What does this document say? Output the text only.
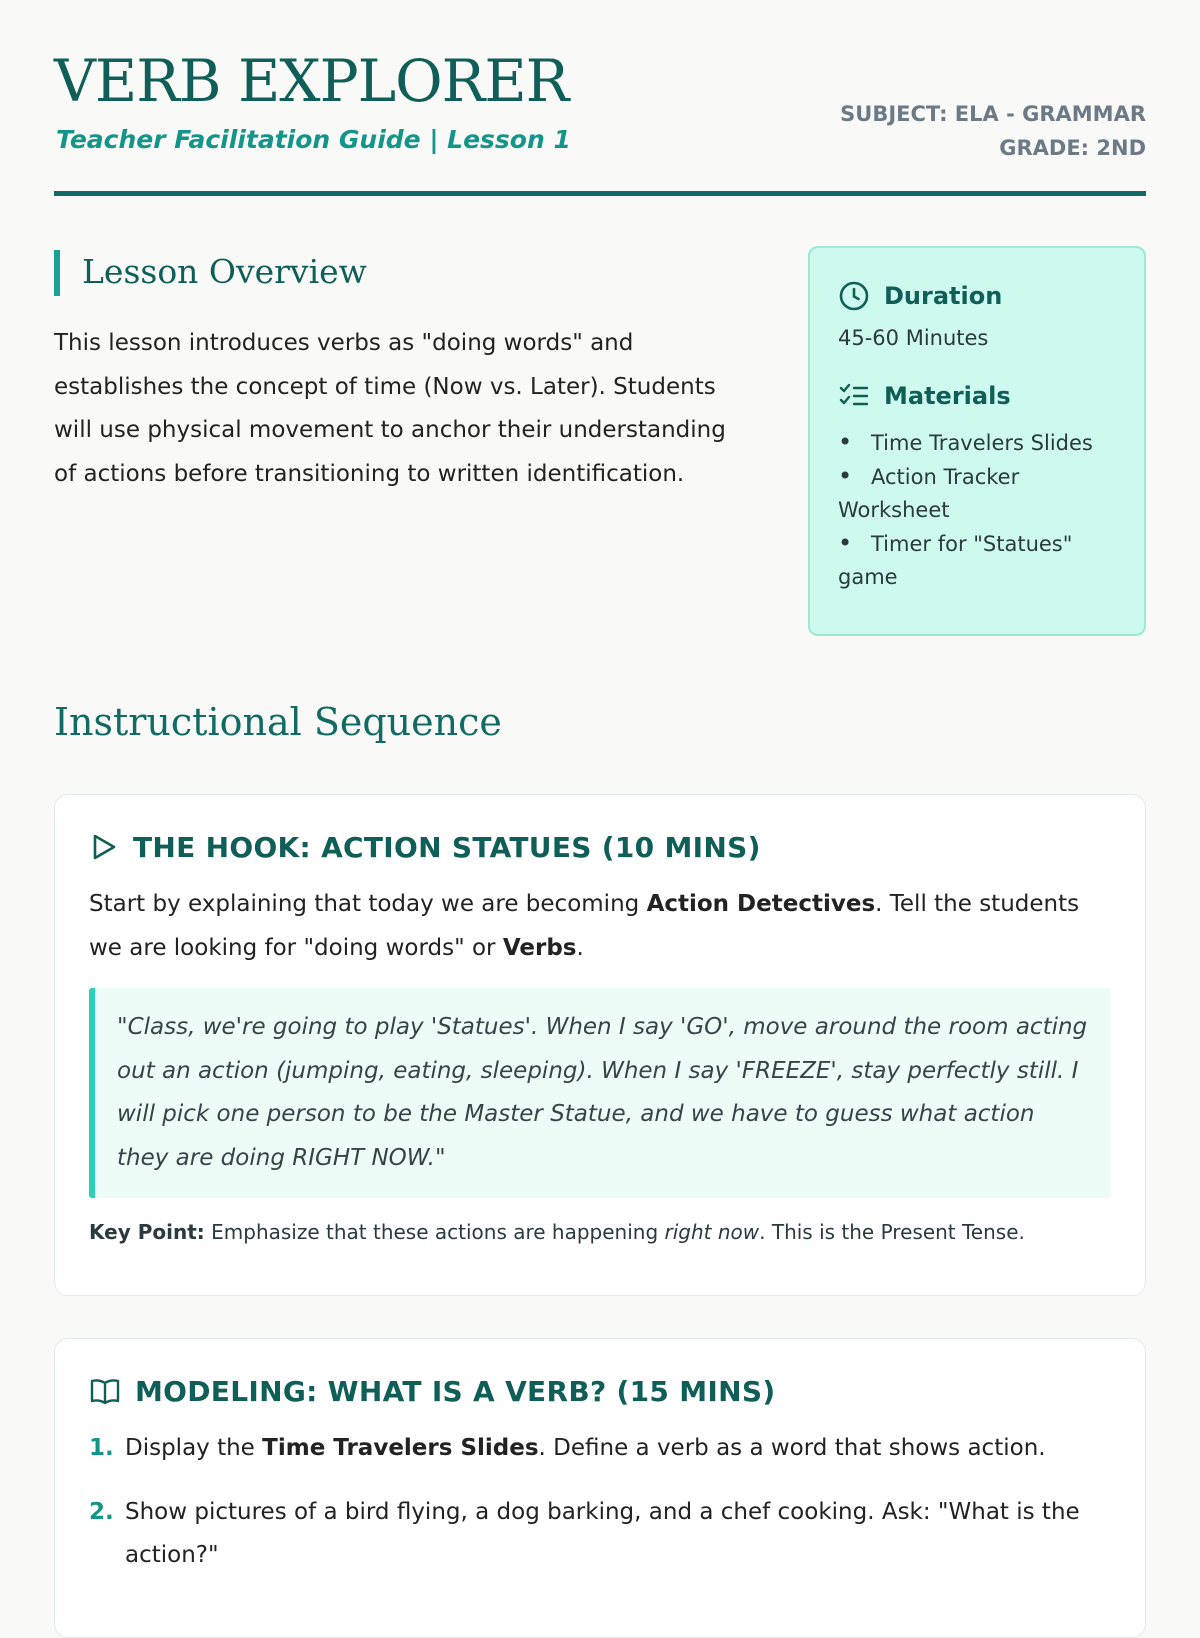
VERB EXPLORER
Teacher Facilitation Guide | Lesson 1
SUBJECT: ELA - GRAMMAR
GRADE: 2ND
Lesson Overview

This lesson introduces verbs as "doing words" and establishes the concept of time (Now vs. Later). Students will use physical movement to anchor their understanding of actions before transitioning to written identification.

Duration
45-60 Minutes
Materials
• Time Travelers Slides
• Action Tracker Worksheet
• Timer for "Statues" game
Instructional Sequence
THE HOOK: ACTION STATUES (10 MINS)

Start by explaining that today we are becoming Action Detectives. Tell the students we are looking for "doing words" or Verbs.

"Class, we're going to play 'Statues'. When I say 'GO', move around the room acting out an action (jumping, eating, sleeping). When I say 'FREEZE', stay perfectly still. I will pick one person to be the Master Statue, and we have to guess what action they are doing RIGHT NOW."

Key Point: Emphasize that these actions are happening right now. This is the Present Tense.

MODELING: WHAT IS A VERB? (15 MINS)
1. Display the Time Travelers Slides. Define a verb as a word that shows action.
2. Show pictures of a bird flying, a dog barking, and a chef cooking. Ask: "What is the action?"
